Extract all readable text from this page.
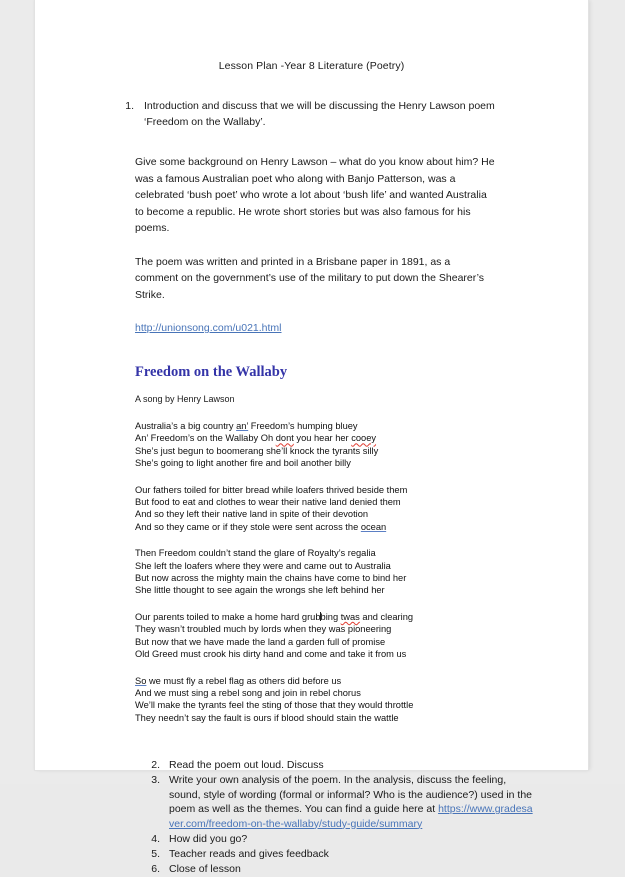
Lesson Plan -Year 8 Literature (Poetry)
1. Introduction and discuss that we will be discussing the Henry Lawson poem ‘Freedom on the Wallaby’.

Give some background on Henry Lawson – what do you know about him? He was a famous Australian poet who along with Banjo Patterson, was a celebrated ‘bush poet’ who wrote a lot about ‘bush life’ and wanted Australia to become a republic. He wrote short stories but was also famous for his poems.

The poem was written and printed in a Brisbane paper in 1891, as a comment on the government’s use of the military to put down the Shearer’s Strike.

http://unionsong.com/u021.html
Freedom on the Wallaby
A song by Henry Lawson
Australia’s a big country an’ Freedom’s humping bluey
An’ Freedom’s on the Wallaby Oh dont you hear her cooey
She’s just begun to boomerang she’ll knock the tyrants silly
She’s going to light another fire and boil another billy
Our fathers toiled for bitter bread while loafers thrived beside them
But food to eat and clothes to wear their native land denied them
And so they left their native land in spite of their devotion
And so they came or if they stole were sent across the ocean
Then Freedom couldn’t stand the glare of Royalty’s regalia
She left the loafers where they were and came out to Australia
But now across the mighty main the chains have come to bind her
She little thought to see again the wrongs she left behind her
Our parents toiled to make a home hard grubbing twas and clearing
They wasn’t troubled much by lords when they was pioneering
But now that we have made the land a garden full of promise
Old Greed must crook his dirty hand and come and take it from us
So we must fly a rebel flag as others did before us
And we must sing a rebel song and join in rebel chorus
We’ll make the tyrants feel the sting of those that they would throttle
They needn’t say the fault is ours if blood should stain the wattle
2. Read the poem out loud. Discuss
3. Write your own analysis of the poem. In the analysis, discuss the feeling, sound, style of wording (formal or informal? Who is the audience?) used in the poem as well as the themes. You can find a guide here at https://www.gradesaver.com/freedom-on-the-wallaby/study-guide/summary
4. How did you go?
5. Teacher reads and gives feedback
6. Close of lesson
